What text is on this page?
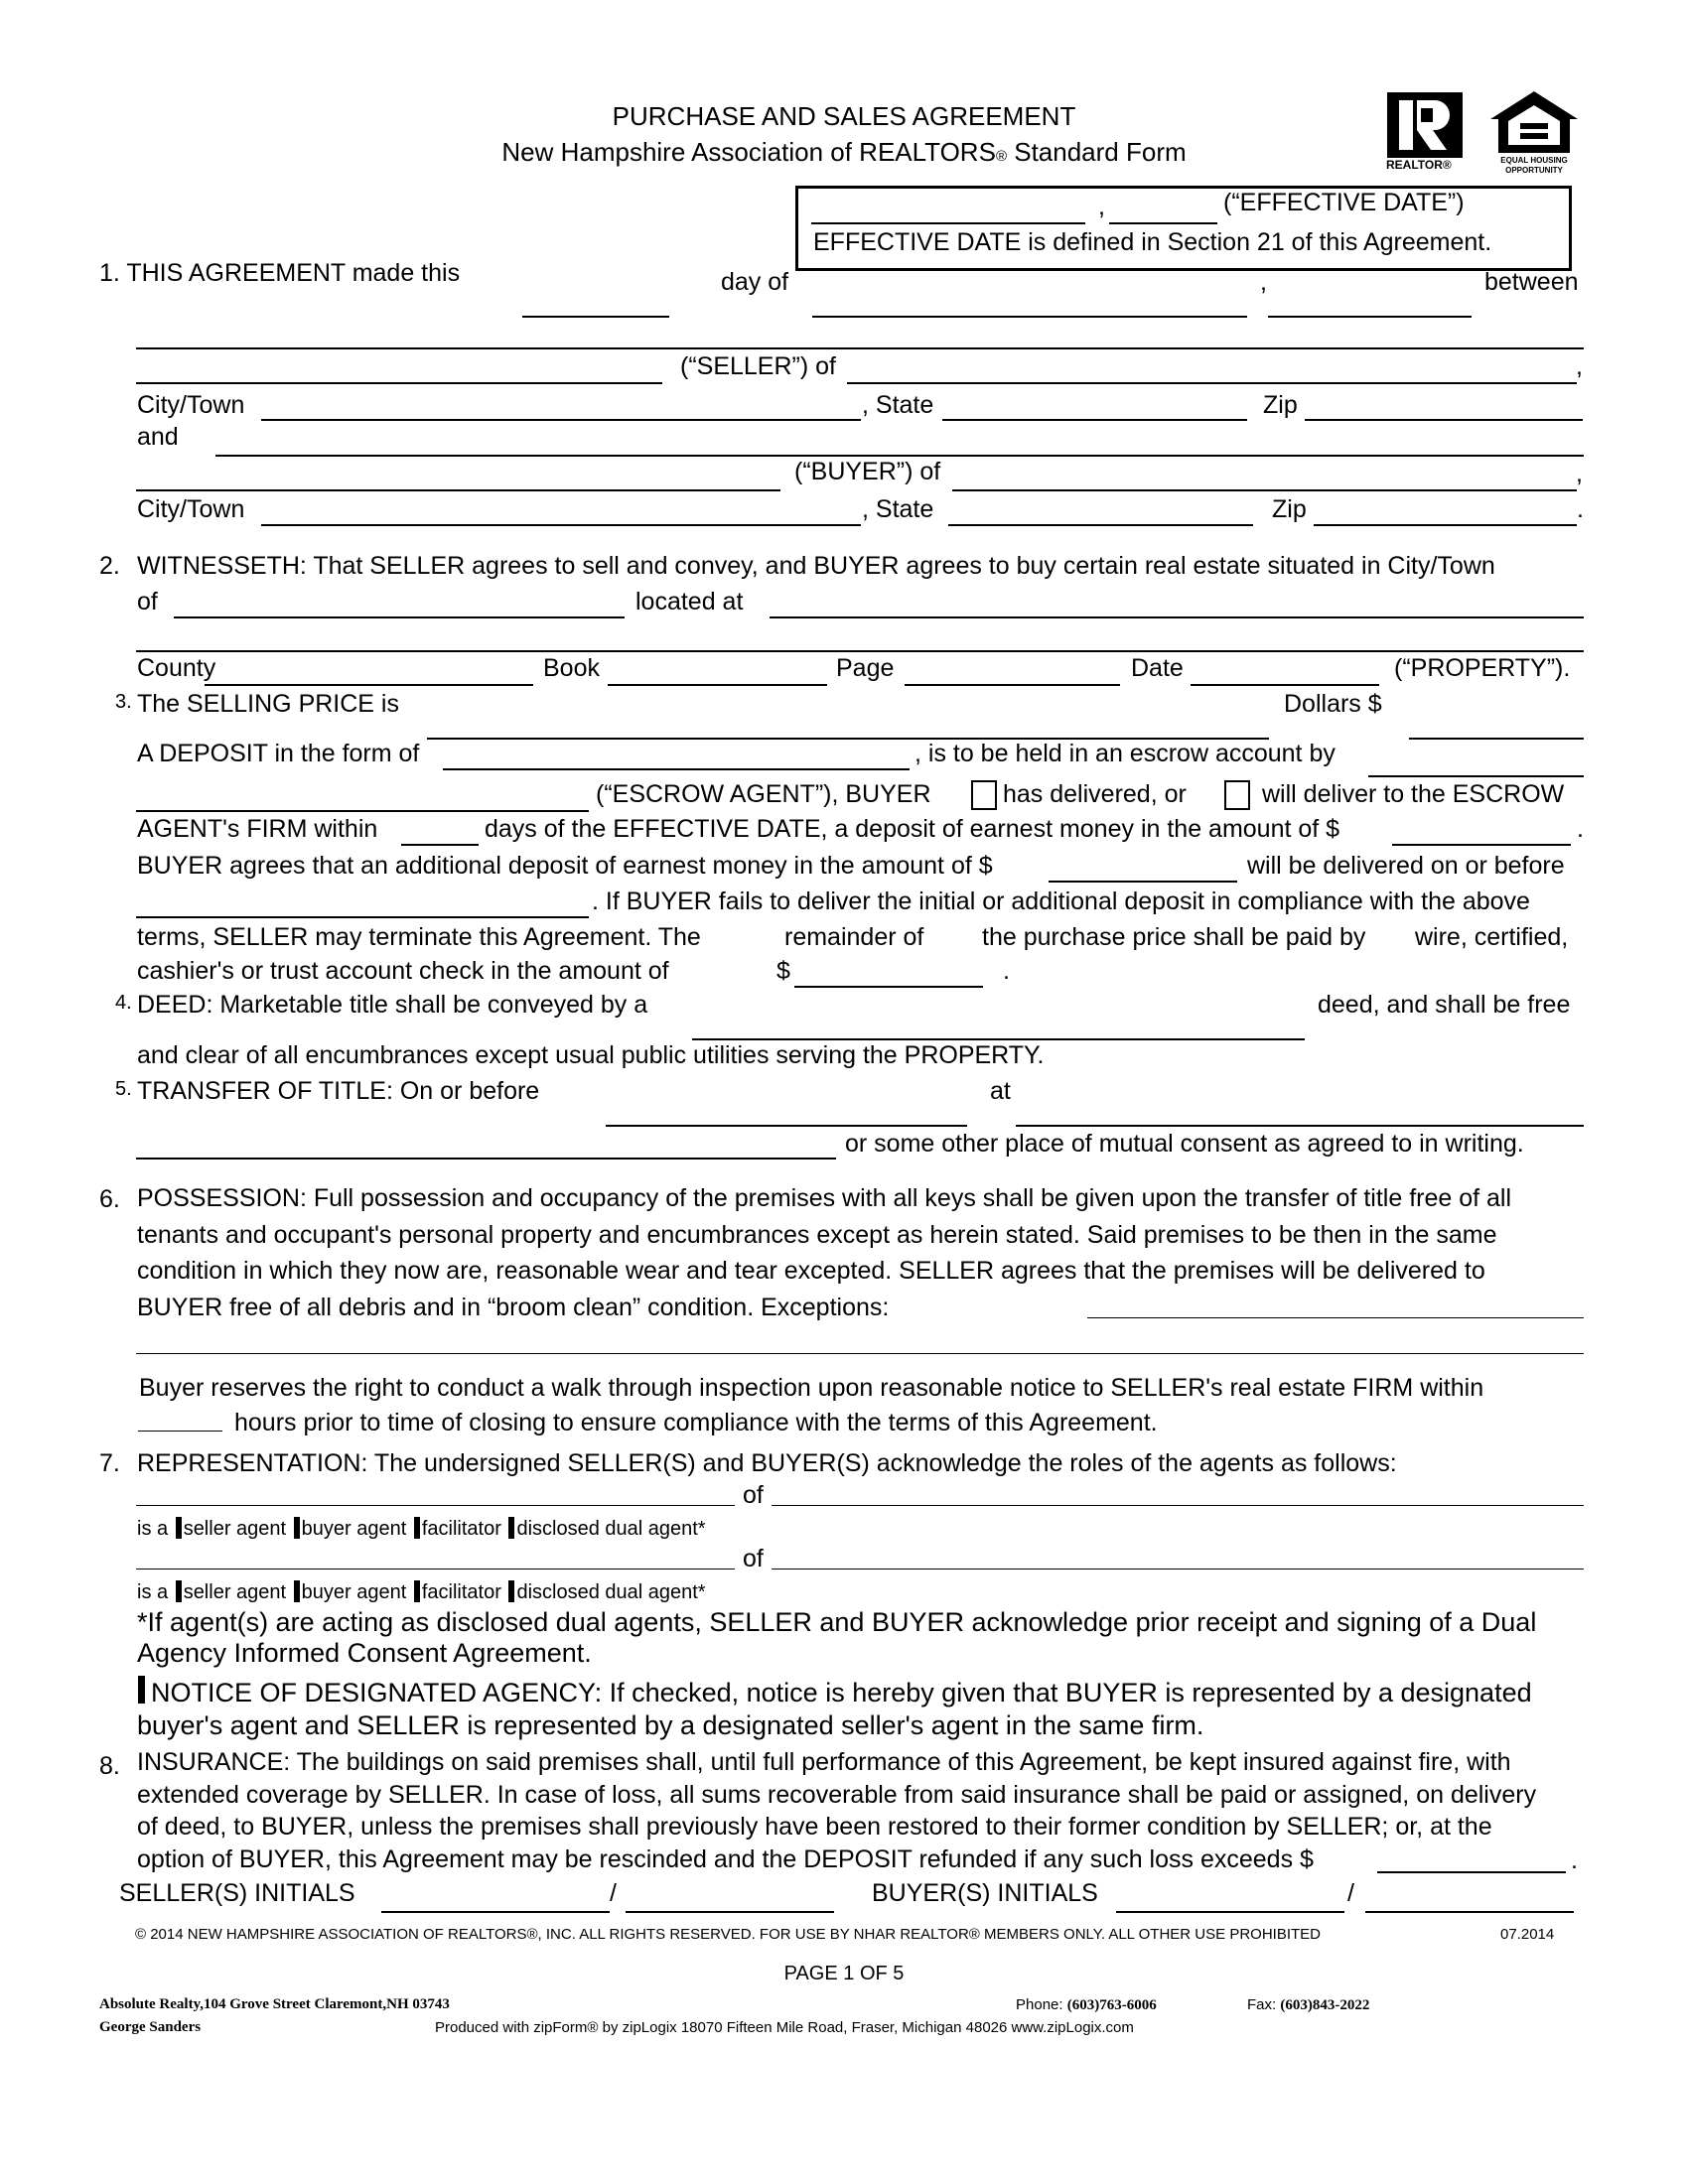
PURCHASE AND SALES AGREEMENT
New Hampshire Association of REALTORS® Standard Form	REALTOR®	EQUAL HOUSING
OPPORTUNITY
,	(“EFFECTIVE DATE”)
EFFECTIVE DATE is defined in Section 21 of this Agreement.
1. THIS AGREEMENT made this	day of	,	between
(“SELLER”) of	,
City/Town	, State	Zip
and
(“BUYER”) of	,
City/Town	, State	Zip	.
2. WITNESSETH: That SELLER agrees to sell and convey, and BUYER agrees to buy certain real estate situated in City/Town
of	located at
County	Book	Page	Date	(“PROPERTY”).
3. The SELLING PRICE is	Dollars $
A DEPOSIT in the form of	, is to be held in an escrow account by
(“ESCROW AGENT”), BUYER	has delivered, or	will deliver to the ESCROW
AGENT's FIRM within	days of the EFFECTIVE DATE, a deposit of earnest money in the amount of $	.
BUYER agrees that an additional deposit of earnest money in the amount of $	will be delivered on or before
. If BUYER fails to deliver the initial or additional deposit in compliance with the above
terms, SELLER may terminate this Agreement. The	remainder of the purchase price shall be paid by wire, certified,
cashier's or trust account check in the amount of	$	.
4. DEED: Marketable title shall be conveyed by a	deed, and shall be free
and clear of all encumbrances except usual public utilities serving the PROPERTY.
5. TRANSFER OF TITLE: On or before	at
or some other place of mutual consent as agreed to in writing.
6. POSSESSION: Full possession and occupancy of the premises with all keys shall be given upon the transfer of title free of all
tenants and occupant's personal property and encumbrances except as herein stated. Said premises to be then in the same
condition in which they now are, reasonable wear and tear excepted. SELLER agrees that the premises will be delivered to
BUYER free of all debris and in “broom clean” condition. Exceptions:
Buyer reserves the right to conduct a walk through inspection upon reasonable notice to SELLER's real estate FIRM within
hours prior to time of closing to ensure compliance with the terms of this Agreement.
7. REPRESENTATION: The undersigned SELLER(S) and BUYER(S) acknowledge the roles of the agents as follows:
of
is a seller agent buyer agent facilitator disclosed dual agent*
of
is a seller agent buyer agent facilitator disclosed dual agent*
*If agent(s) are acting as disclosed dual agents, SELLER and BUYER acknowledge prior receipt and signing of a Dual
Agency Informed Consent Agreement.
NOTICE OF DESIGNATED AGENCY: If checked, notice is hereby given that BUYER is represented by a designated
buyer's agent and SELLER is represented by a designated seller's agent in the same firm.
8. INSURANCE: The buildings on said premises shall, until full performance of this Agreement, be kept insured against fire, with
extended coverage by SELLER. In case of loss, all sums recoverable from said insurance shall be paid or assigned, on delivery
of deed, to BUYER, unless the premises shall previously have been restored to their former condition by SELLER; or, at the
option of BUYER, this Agreement may be rescinded and the DEPOSIT refunded if any such loss exceeds $	.
SELLER(S) INITIALS	/	BUYER(S) INITIALS	/
© 2014 NEW HAMPSHIRE ASSOCIATION OF REALTORS®, INC. ALL RIGHTS RESERVED. FOR USE BY NHAR REALTOR® MEMBERS ONLY. ALL OTHER USE PROHIBITED	07.2014
PAGE 1 OF 5
Absolute Realty,104 Grove Street Claremont,NH 03743
George Sanders
Phone: (603)763-6006	Fax: (603)843-2022
Produced with zipForm® by zipLogix 18070 Fifteen Mile Road, Fraser, Michigan 48026 www.zipLogix.com
